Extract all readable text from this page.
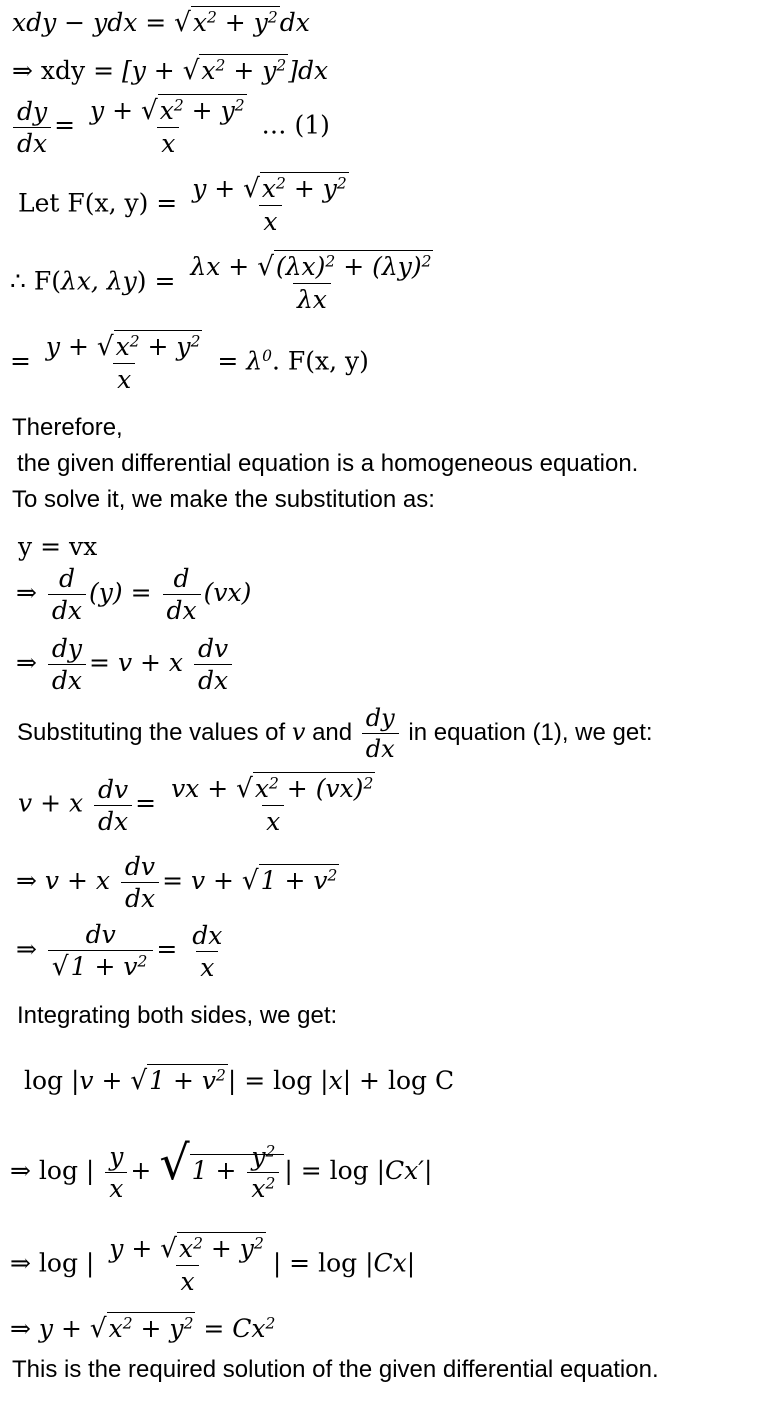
xdy − ydx = $√x^2 + y^2dx$
⇒ xdy = $[y + √x^2 + y^2]dx$
$\frac{dy}{dx} = \frac{y + √x^2 + y^2}{x}$ … (1)
Let F(x, $y) = \frac{y + √x^2 + y^2}{x}$
∴ F(λx, $\lambda y) = \frac{\lambda x + √(\lambda x)^2 + (\lambda y)^2}{\lambda x}$
= $\frac{y + √x^2 + y^2}{x} = \lambda^0$. F(x, y)
Therefore,
the given differential equation is a homogeneous equation.
To solve it, we make the substitution as:
y = vx
⇒ $\frac{d}{dx} (y) = \frac{d}{dx} (vx)$
⇒ $\frac{dy}{dx} = v + x \frac{dv}{dx}$
Substituting the values of v and $\frac{dy}{dx}$ in equation (1), we get:
v + x $\frac{dv}{dx} = \frac{vx + √x^2 + (vx)^2}{x}$
⇒ v + x $\frac{dv}{dx} = v + √1 + v^2$
⇒ $\frac{dv}{√1 + v^2} = \frac{dx}{x}$
Integrating both sides, we get:
$\log |v + √1 + v^2| = \log |x| + \log C$
⇒ log | $\frac{y}{x} + √1 + \frac{y^2}{x^2}$ | = log |Cx′|
⇒ log | $\frac{y + √x^2 + y^2}{x}$ | = log |Cx|
⇒ $y + √x^2 + y^2 = Cx^2$
This is the required solution of the given differential equation.
